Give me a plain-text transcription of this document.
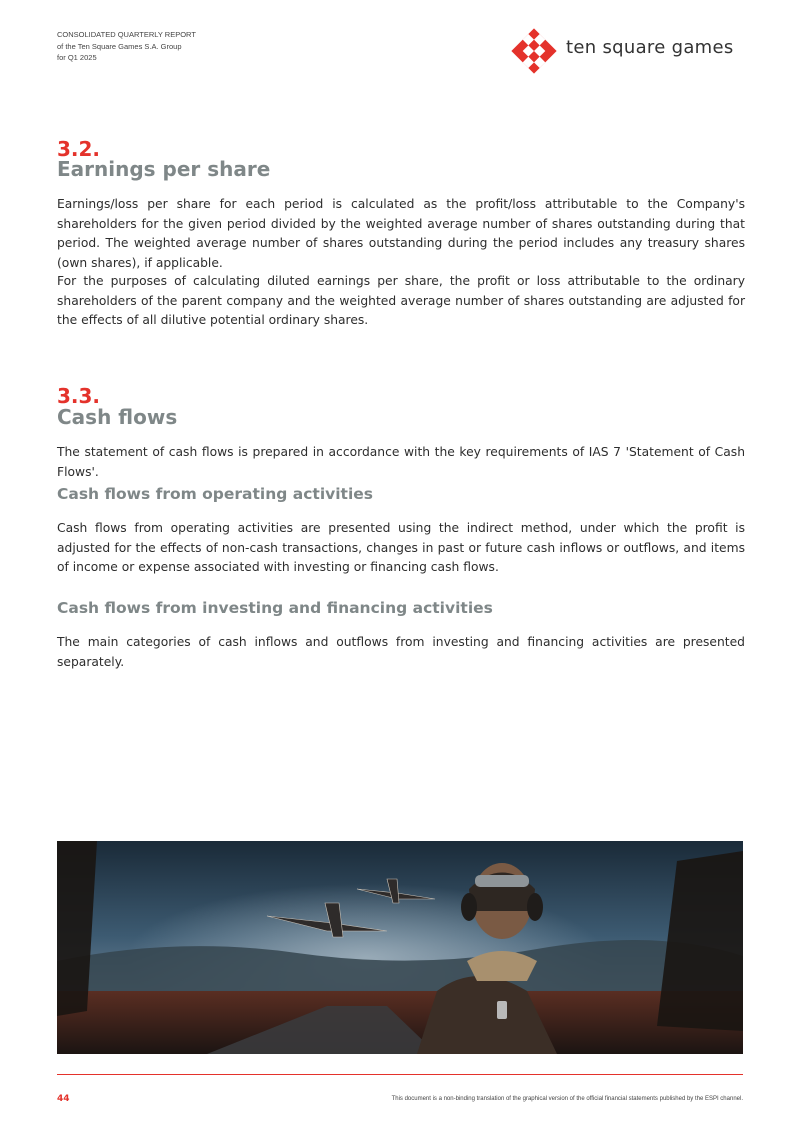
CONSOLIDATED QUARTERLY REPORT
of the Ten Square Games S.A. Group
for Q1 2025	ten square games
3.2.
Earnings per share

Earnings/loss per share for each period is calculated as the profit/loss attributable to the Company's shareholders for the given period divided by the weighted average number of shares outstanding during that period. The weighted average number of shares outstanding during the period includes any treasury shares (own shares), if applicable.

For the purposes of calculating diluted earnings per share, the profit or loss attributable to the ordinary shareholders of the parent company and the weighted average number of shares outstanding are adjusted for the effects of all dilutive potential ordinary shares.

3.3.
Cash flows

The statement of cash flows is prepared in accordance with the key requirements of IAS 7 'Statement of Cash Flows'.

Cash flows from operating activities

Cash flows from operating activities are presented using the indirect method, under which the profit is adjusted for the effects of non-cash transactions, changes in past or future cash inflows or outflows, and items of income or expense associated with investing or financing cash flows.

Cash flows from investing and financing activities

The main categories of cash inflows and outflows from investing and financing activities are presented separately.

44	This document is a non-binding translation of the graphical version of the official financial statements published by the ESPI channel.
